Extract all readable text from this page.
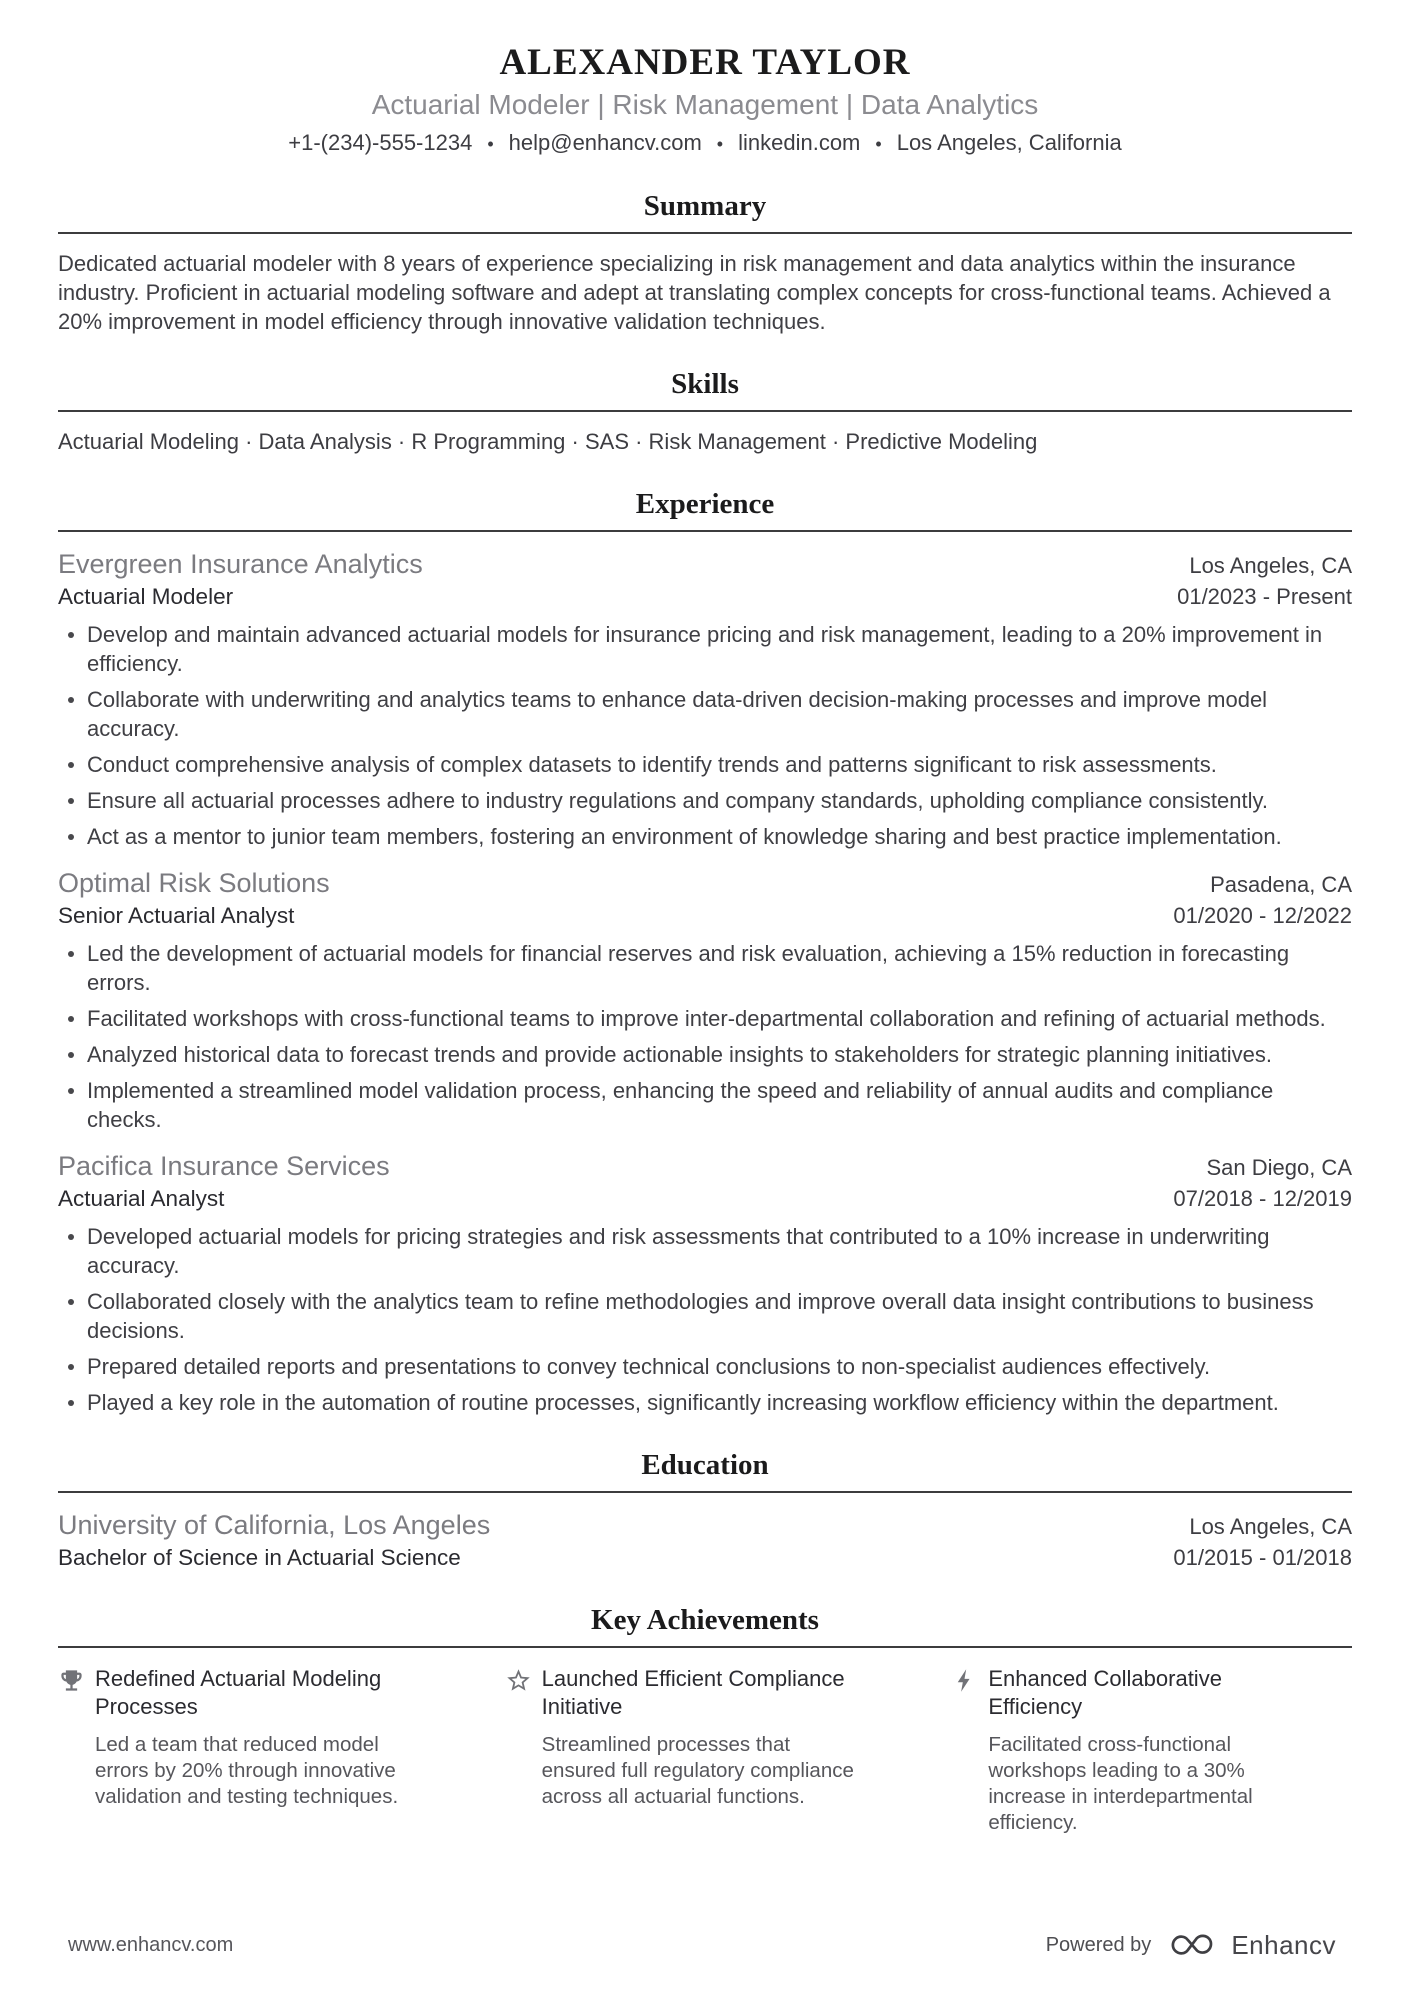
ALEXANDER TAYLOR
Actuarial Modeler | Risk Management | Data Analytics
+1-(234)-555-1234 • help@enhancv.com • linkedin.com • Los Angeles, California
Summary

Dedicated actuarial modeler with 8 years of experience specializing in risk management and data analytics within the insurance industry. Proficient in actuarial modeling software and adept at translating complex concepts for cross-functional teams. Achieved a 20% improvement in model efficiency through innovative validation techniques.

Skills
Actuarial Modeling · Data Analysis · R Programming · SAS · Risk Management · Predictive Modeling
Experience
Evergreen Insurance Analytics	Los Angeles, CA
Actuarial Modeler	01/2023 - Present
Develop and maintain advanced actuarial models for insurance pricing and risk management, leading to a 20% improvement in efficiency.
Collaborate with underwriting and analytics teams to enhance data-driven decision-making processes and improve model accuracy.
Conduct comprehensive analysis of complex datasets to identify trends and patterns significant to risk assessments.
Ensure all actuarial processes adhere to industry regulations and company standards, upholding compliance consistently.
Act as a mentor to junior team members, fostering an environment of knowledge sharing and best practice implementation.
Optimal Risk Solutions	Pasadena, CA
Senior Actuarial Analyst	01/2020 - 12/2022
Led the development of actuarial models for financial reserves and risk evaluation, achieving a 15% reduction in forecasting errors.
Facilitated workshops with cross-functional teams to improve inter-departmental collaboration and refining of actuarial methods.
Analyzed historical data to forecast trends and provide actionable insights to stakeholders for strategic planning initiatives.
Implemented a streamlined model validation process, enhancing the speed and reliability of annual audits and compliance checks.
Pacifica Insurance Services	San Diego, CA
Actuarial Analyst	07/2018 - 12/2019
Developed actuarial models for pricing strategies and risk assessments that contributed to a 10% increase in underwriting accuracy.
Collaborated closely with the analytics team to refine methodologies and improve overall data insight contributions to business decisions.
Prepared detailed reports and presentations to convey technical conclusions to non-specialist audiences effectively.
Played a key role in the automation of routine processes, significantly increasing workflow efficiency within the department.
Education
University of California, Los Angeles	Los Angeles, CA
Bachelor of Science in Actuarial Science	01/2015 - 01/2018
Key Achievements
Redefined Actuarial Modeling Processes
Led a team that reduced model errors by 20% through innovative validation and testing techniques.
Launched Efficient Compliance Initiative
Streamlined processes that ensured full regulatory compliance across all actuarial functions.
Enhanced Collaborative Efficiency
Facilitated cross-functional workshops leading to a 30% increase in interdepartmental efficiency.
www.enhancv.com	Powered by	Enhancv
